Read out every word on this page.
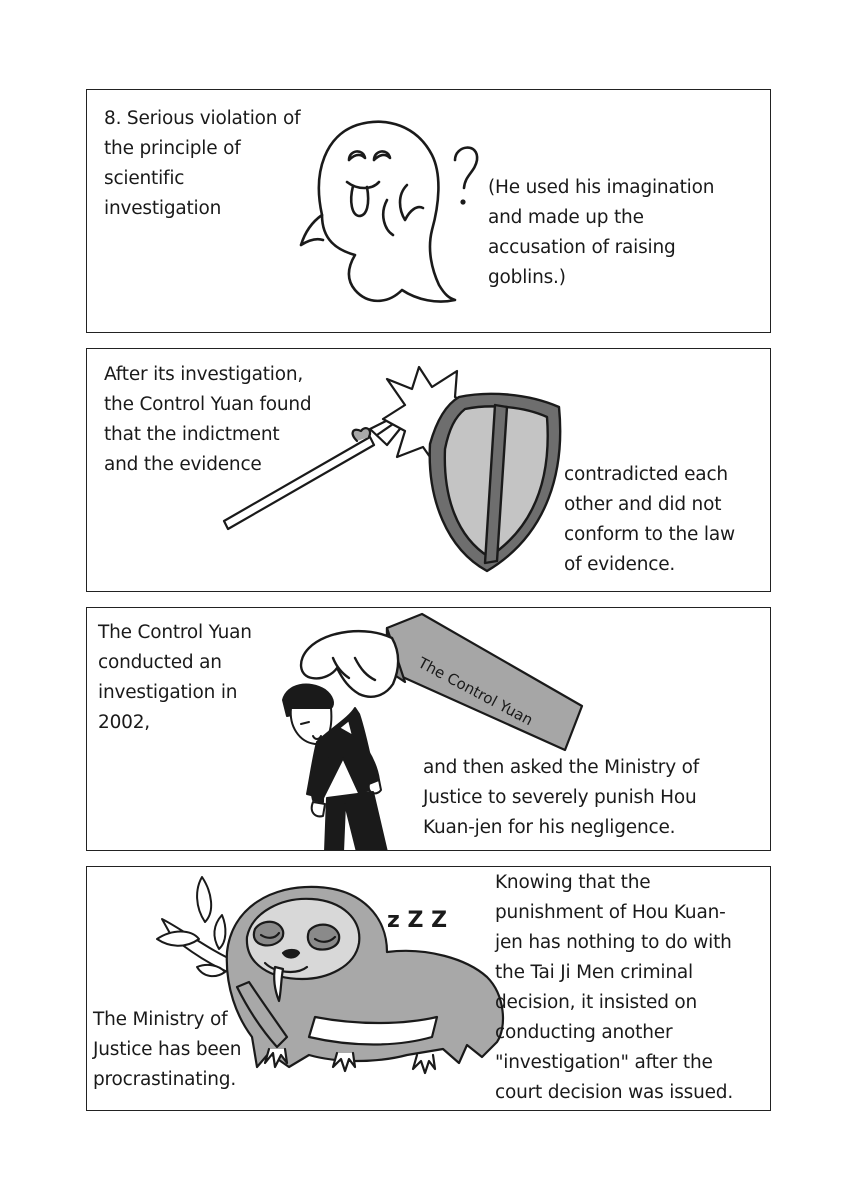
8. Serious violation of
the principle of
scientific
investigation
(He used his imagination
and made up the
accusation of raising
goblins.)
After its investigation,
the Control Yuan found
that the indictment
and the evidence	contradicted each
other and did not
conform to the law
of evidence.
The Control Yuan
The Control Yuan
conducted an
investigation in
2002,
and then asked the Ministry of
Justice to severely punish Hou
Kuan-jen for his negligence.
z Z Z
Knowing that the
punishment of Hou Kuan-
jen has nothing to do with
the Tai Ji Men criminal
decision, it insisted on
conducting another
"investigation" after the
court decision was issued.
The Ministry of
Justice has been
procrastinating.
